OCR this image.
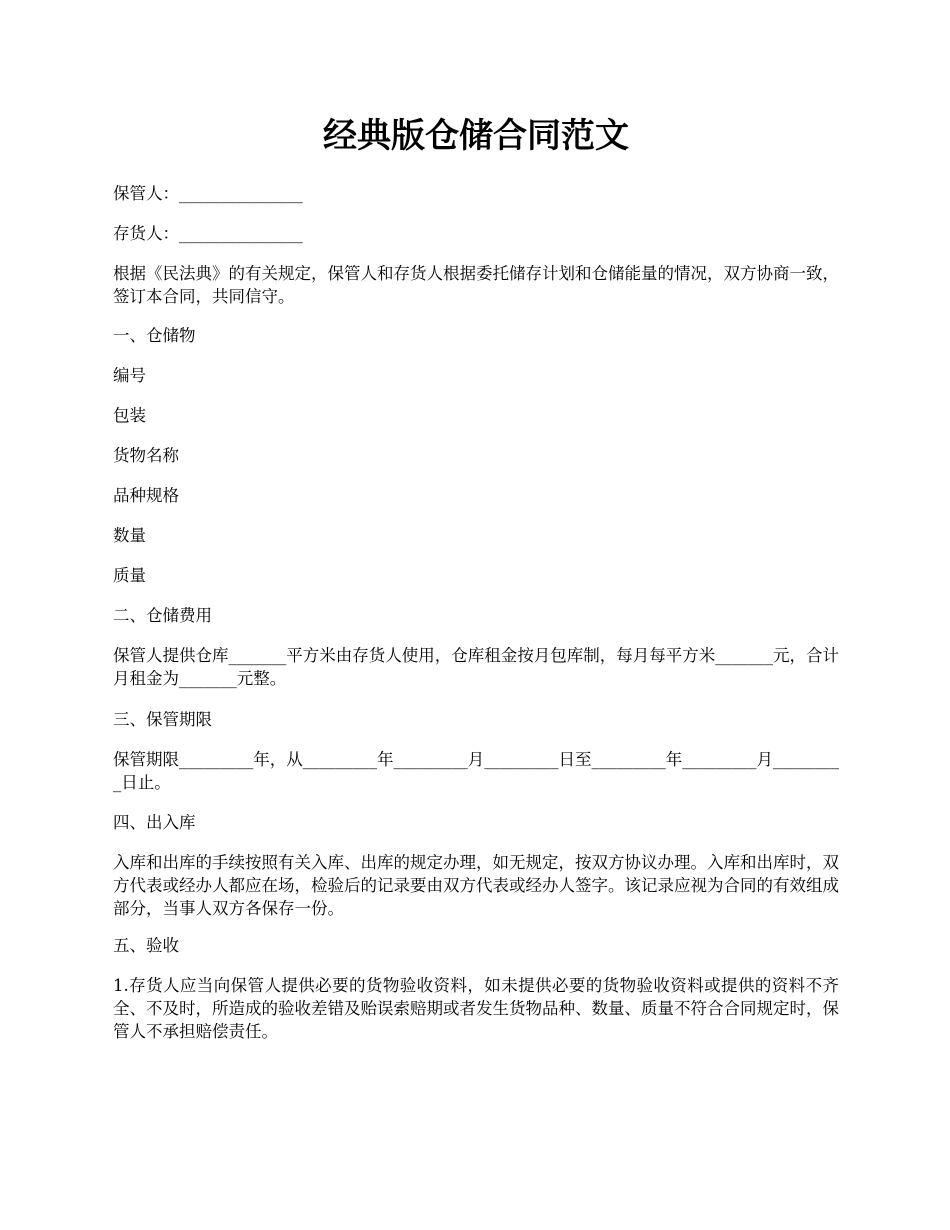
经典版仓储合同范文

保管人：_______________

存货人：_______________

根据《民法典》的有关规定，保管人和存货人根据委托储存计划和仓储能量的情况，双方协商一致，签订本合同，共同信守。

一、仓储物

编号

包装

货物名称

品种规格

数量

质量

二、仓储费用

保管人提供仓库_______平方米由存货人使用，仓库租金按月包库制，每月每平方米_______元，合计月租金为_______元整。

三、保管期限

保管期限_________年，从_________年_________月_________日至_________年_________月_________日止。

四、出入库

入库和出库的手续按照有关入库、出库的规定办理，如无规定，按双方协议办理。入库和出库时，双方代表或经办人都应在场，检验后的记录要由双方代表或经办人签字。该记录应视为合同的有效组成部分，当事人双方各保存一份。

五、验收

1.存货人应当向保管人提供必要的货物验收资料，如未提供必要的货物验收资料或提供的资料不齐全、不及时，所造成的验收差错及贻误索赔期或者发生货物品种、数量、质量不符合合同规定时，保管人不承担赔偿责任。
